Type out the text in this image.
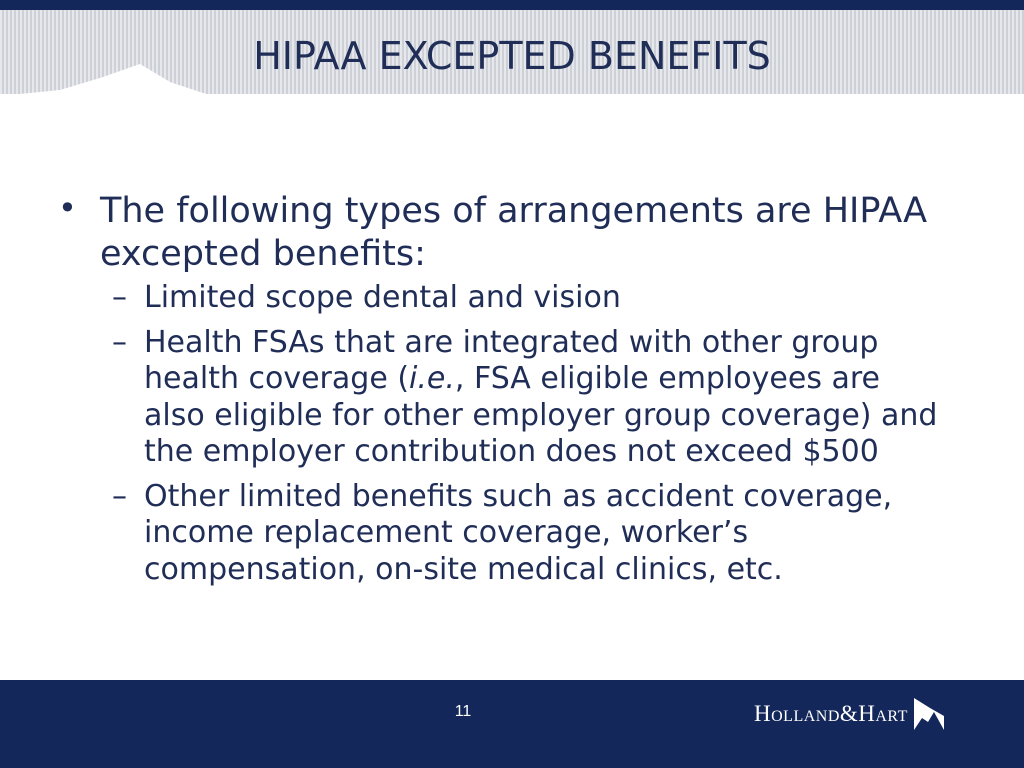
HIPAA EXCEPTED BENEFITS

• The following types of arrangements are HIPAA excepted benefits:

– Limited scope dental and vision
– Health FSAs that are integrated with other group health coverage (i.e., FSA eligible employees are also eligible for other employer group coverage) and the employer contribution does not exceed $500
– Other limited benefits such as accident coverage, income replacement coverage, worker’s compensation, on-site medical clinics, etc.
11	Holland&Hart
